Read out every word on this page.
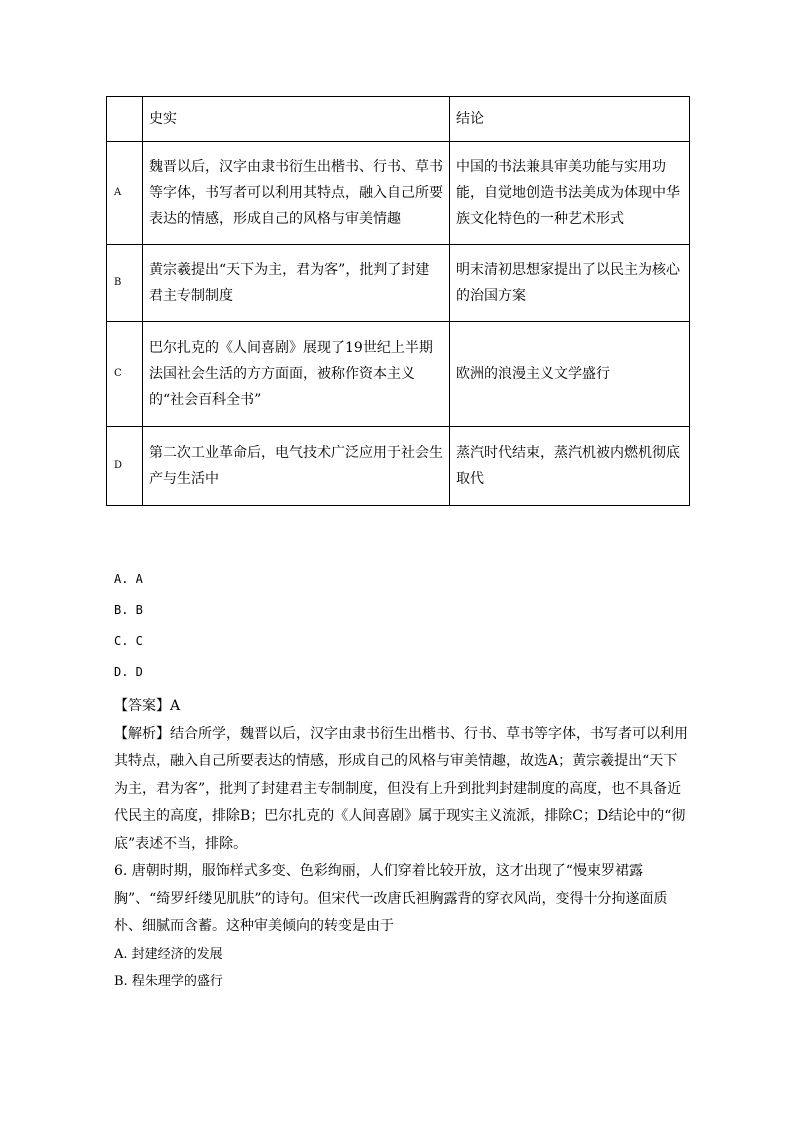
	史实	结论
A	魏晋以后，汉字由隶书衍生出楷书、行书、草书等字体，书写者可以利用其特点，融入自己所要表达的情感，形成自己的风格与审美情趣	中国的书法兼具审美功能与实用功能，自觉地创造书法美成为体现中华族文化特色的一种艺术形式
B	黄宗羲提出“天下为主，君为客”，批判了封建君主专制制度	明末清初思想家提出了以民主为核心的治国方案
C	巴尔扎克的《人间喜剧》展现了19世纪上半期法国社会生活的方方面面，被称作资本主义的“社会百科全书”	欧洲的浪漫主义文学盛行
D	第二次工业革命后，电气技术广泛应用于社会生产与生活中	蒸汽时代结束，蒸汽机被内燃机彻底取代
A. A
B. B
C. C
D. D

【答案】A

【解析】结合所学，魏晋以后，汉字由隶书衍生出楷书、行书、草书等字体，书写者可以利用其特点，融入自己所要表达的情感，形成自己的风格与审美情趣，故选A；黄宗羲提出“天下为主，君为客”，批判了封建君主专制制度，但没有上升到批判封建制度的高度，也不具备近代民主的高度，排除B；巴尔扎克的《人间喜剧》属于现实主义流派，排除C；D结论中的“彻底”表述不当，排除。

6. 唐朝时期，服饰样式多变、色彩绚丽，人们穿着比较开放，这才出现了“慢束罗裙露胸”、“绮罗纤缕见肌肤”的诗句。但宋代一改唐氏袒胸露背的穿衣风尚，变得十分拘遂面质朴、细腻而含蓄。这种审美倾向的转变是由于

A. 封建经济的发展

B. 程朱理学的盛行
